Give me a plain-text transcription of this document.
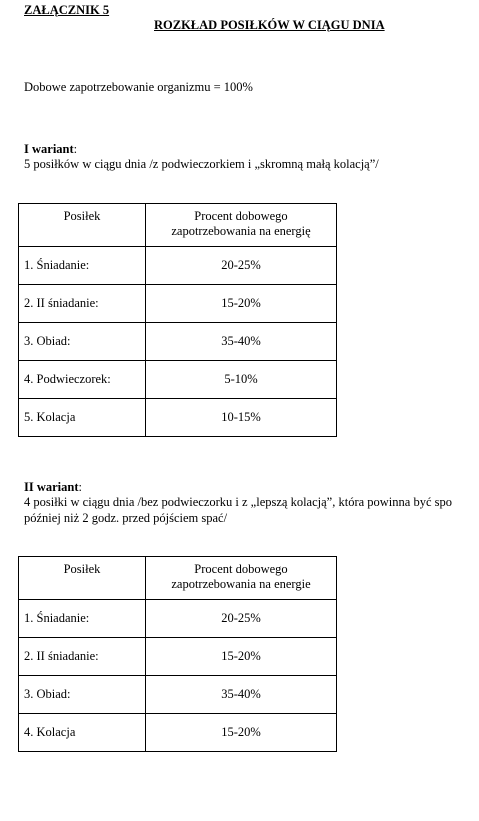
ZAŁĄCZNIK 5
ROZKŁAD POSIŁKÓW W CIĄGU DNIA
Dobowe zapotrzebowanie organizmu = 100%
I wariant:
5 posiłków w ciągu dnia /z podwieczorkiem i „skromną małą kolacją”/
Posiłek	Procent dobowego
zapotrzebowania na energię
1. Śniadanie:	20-25%
2. II śniadanie:	15-20%
3. Obiad:	35-40%
4. Podwieczorek:	5-10%
5. Kolacja	10-15%
II wariant:
4 posiłki w ciągu dnia /bez podwieczorku i z „lepszą kolacją”, która powinna być spo
później niż 2 godz. przed pójściem spać/
Posiłek	Procent dobowego
zapotrzebowania na energie
1. Śniadanie:	20-25%
2. II śniadanie:	15-20%
3. Obiad:	35-40%
4. Kolacja	15-20%
